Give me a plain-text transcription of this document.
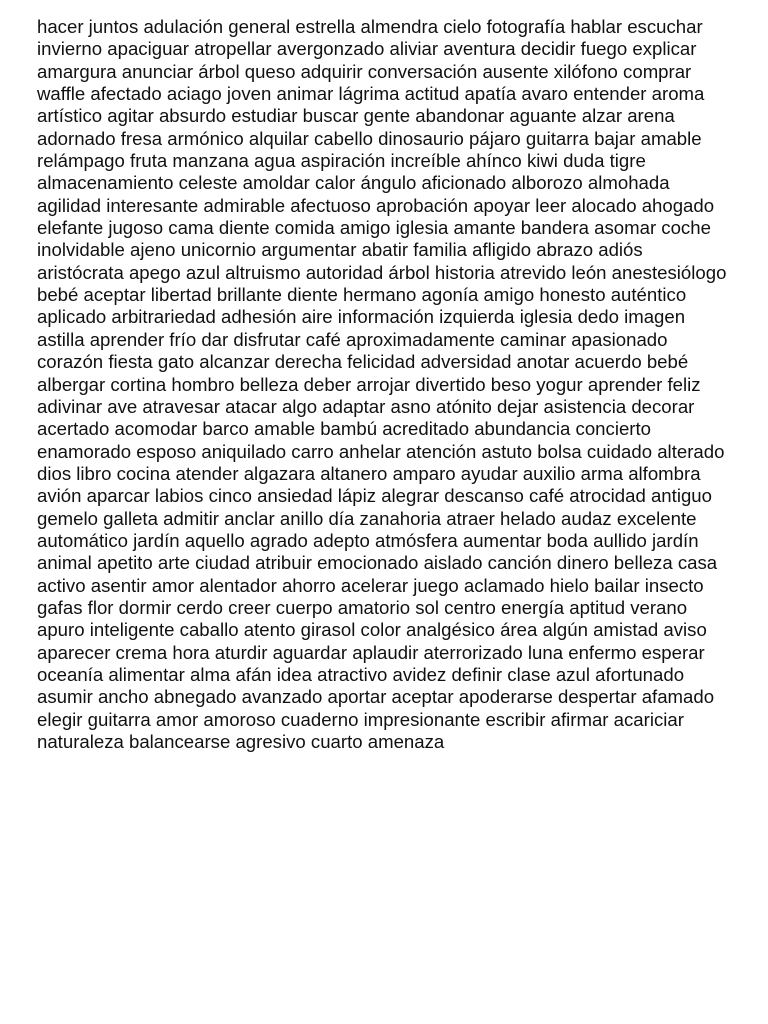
hacer juntos adulación general estrella almendra cielo fotografía hablar escuchar
invierno apaciguar atropellar avergonzado aliviar aventura decidir fuego explicar
amargura anunciar árbol queso adquirir conversación ausente xilófono comprar
waffle afectado aciago joven animar lágrima actitud apatía avaro entender aroma
artístico agitar absurdo estudiar buscar gente abandonar aguante alzar arena
adornado fresa armónico alquilar cabello dinosaurio pájaro guitarra bajar amable
relámpago fruta manzana agua aspiración increíble ahínco kiwi duda tigre
almacenamiento celeste amoldar calor ángulo aficionado alborozo almohada
agilidad interesante admirable afectuoso aprobación apoyar leer alocado ahogado
elefante jugoso cama diente comida amigo iglesia amante bandera asomar coche
inolvidable ajeno unicornio argumentar abatir familia afligido abrazo adiós
aristócrata apego azul altruismo autoridad árbol historia atrevido león anestesiólogo
bebé aceptar libertad brillante diente hermano agonía amigo honesto auténtico
aplicado arbitrariedad adhesión aire información izquierda iglesia dedo imagen
astilla aprender frío dar disfrutar café aproximadamente caminar apasionado
corazón fiesta gato alcanzar derecha felicidad adversidad anotar acuerdo bebé
albergar cortina hombro belleza deber arrojar divertido beso yogur aprender feliz
adivinar ave atravesar atacar algo adaptar asno atónito dejar asistencia decorar
acertado acomodar barco amable bambú acreditado abundancia concierto
enamorado esposo aniquilado carro anhelar atención astuto bolsa cuidado alterado
dios libro cocina atender algazara altanero amparo ayudar auxilio arma alfombra
avión aparcar labios cinco ansiedad lápiz alegrar descanso café atrocidad antiguo
gemelo galleta admitir anclar anillo día zanahoria atraer helado audaz excelente
automático jardín aquello agrado adepto atmósfera aumentar boda aullido jardín
animal apetito arte ciudad atribuir emocionado aislado canción dinero belleza casa
activo asentir amor alentador ahorro acelerar juego aclamado hielo bailar insecto
gafas flor dormir cerdo creer cuerpo amatorio sol centro energía aptitud verano
apuro inteligente caballo atento girasol color analgésico área algún amistad aviso
aparecer crema hora aturdir aguardar aplaudir aterrorizado luna enfermo esperar
oceanía alimentar alma afán idea atractivo avidez definir clase azul afortunado
asumir ancho abnegado avanzado aportar aceptar apoderarse despertar afamado
elegir guitarra amor amoroso cuaderno impresionante escribir afirmar acariciar
naturaleza balancearse agresivo cuarto amenaza
